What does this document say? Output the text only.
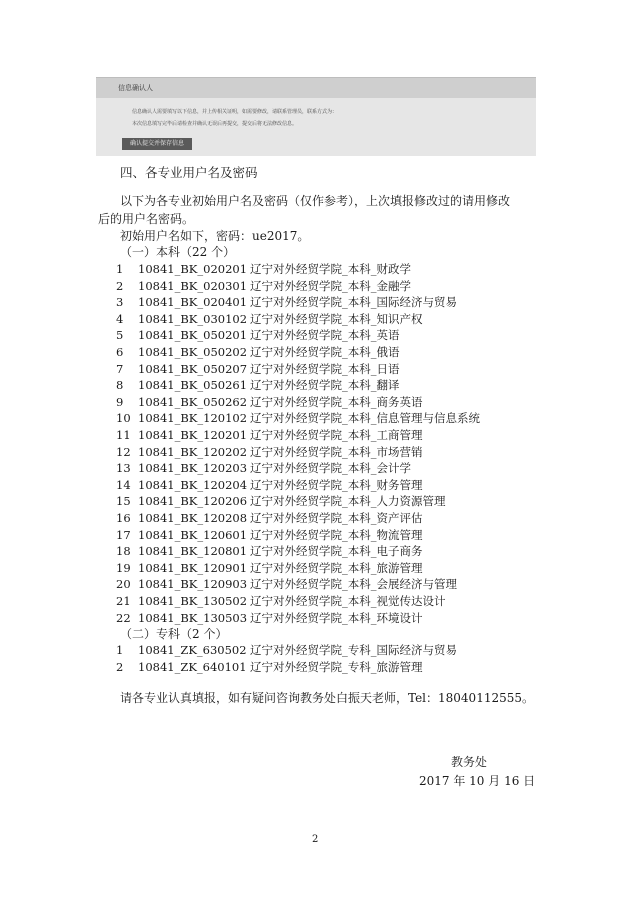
信息确认人
信息确认人需要填写以下信息，并上传相关证明，如需要修改，请联系管理员，联系方式为：
本次信息填写完毕后请检查并确认无误后再提交，提交后将无法修改信息。
确认提交并保存信息
四、各专业用户名及密码
以下为各专业初始用户名及密码（仅作参考），上次填报修改过的请用修改
后的用户名密码。
初始用户名如下，密码：ue2017。
（一）本科（22 个）
1	10841_BK_020201 辽宁对外经贸学院_本科_财政学
2	10841_BK_020301 辽宁对外经贸学院_本科_金融学
3	10841_BK_020401 辽宁对外经贸学院_本科_国际经济与贸易
4	10841_BK_030102 辽宁对外经贸学院_本科_知识产权
5	10841_BK_050201 辽宁对外经贸学院_本科_英语
6	10841_BK_050202 辽宁对外经贸学院_本科_俄语
7	10841_BK_050207 辽宁对外经贸学院_本科_日语
8	10841_BK_050261 辽宁对外经贸学院_本科_翻译
9	10841_BK_050262 辽宁对外经贸学院_本科_商务英语
10 10841_BK_120102 辽宁对外经贸学院_本科_信息管理与信息系统
11 10841_BK_120201 辽宁对外经贸学院_本科_工商管理
12 10841_BK_120202 辽宁对外经贸学院_本科_市场营销
13 10841_BK_120203 辽宁对外经贸学院_本科_会计学
14 10841_BK_120204 辽宁对外经贸学院_本科_财务管理
15 10841_BK_120206 辽宁对外经贸学院_本科_人力资源管理
16 10841_BK_120208 辽宁对外经贸学院_本科_资产评估
17 10841_BK_120601 辽宁对外经贸学院_本科_物流管理
18 10841_BK_120801 辽宁对外经贸学院_本科_电子商务
19 10841_BK_120901 辽宁对外经贸学院_本科_旅游管理
20 10841_BK_120903 辽宁对外经贸学院_本科_会展经济与管理
21 10841_BK_130502 辽宁对外经贸学院_本科_视觉传达设计
22 10841_BK_130503 辽宁对外经贸学院_本科_环境设计
（二）专科（2 个）
1	10841_ZK_630502 辽宁对外经贸学院_专科_国际经济与贸易
2	10841_ZK_640101 辽宁对外经贸学院_专科_旅游管理
请各专业认真填报，如有疑问咨询教务处白振天老师，Tel：18040112555。
教务处
2017 年 10 月 16 日
2
